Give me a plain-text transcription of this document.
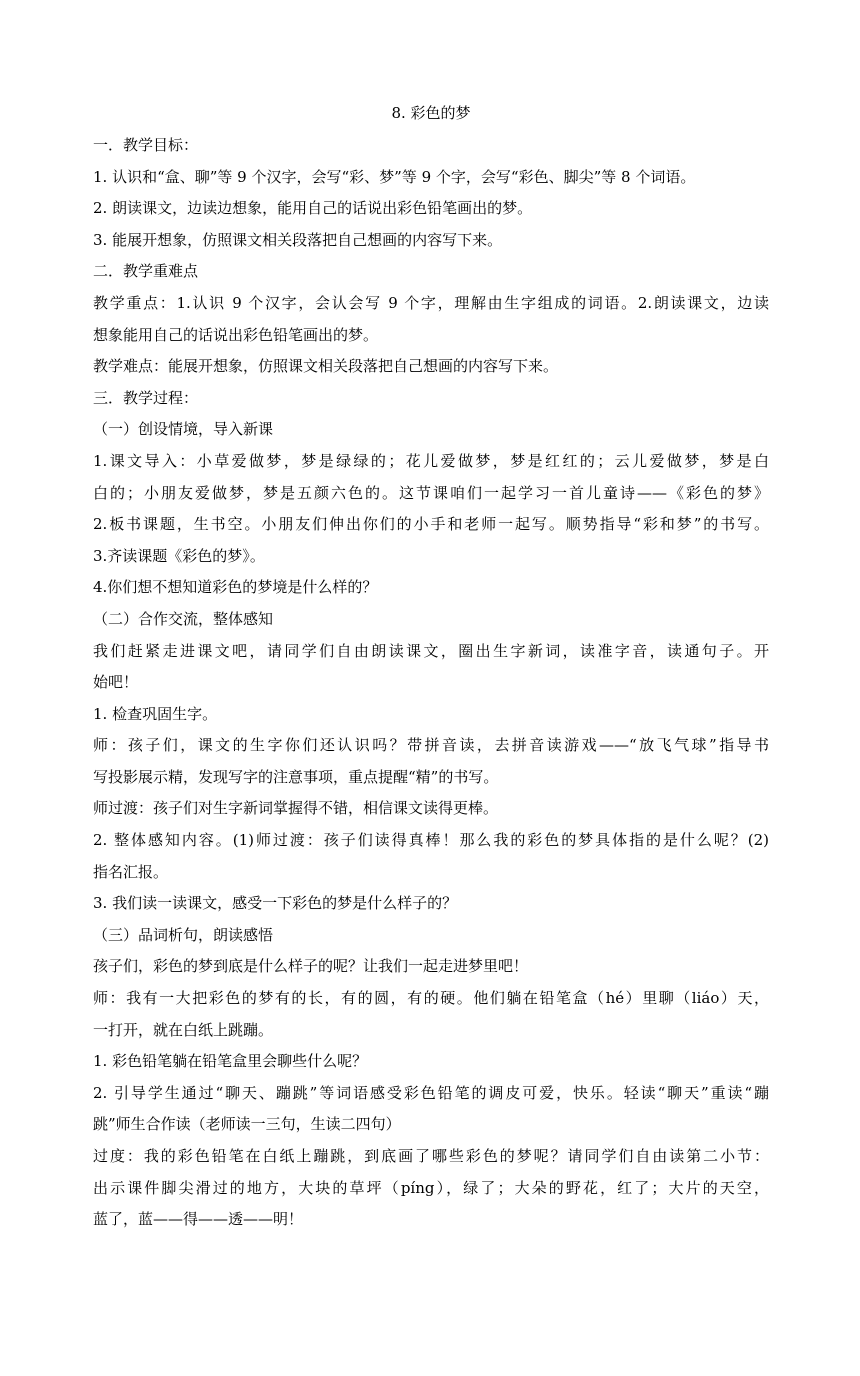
8. 彩色的梦

一．教学目标：

1. 认识和“盒、聊”等 9 个汉字，会写“彩、梦”等 9 个字，会写“彩色、脚尖”等 8 个词语。

2. 朗读课文，边读边想象，能用自己的话说出彩色铅笔画出的梦。

3. 能展开想象，仿照课文相关段落把自己想画的内容写下来。

二．教学重难点

教学重点：1.认识 9 个汉字，会认会写 9 个字，理解由生字组成的词语。2.朗读课文，边读

想象能用自己的话说出彩色铅笔画出的梦。

教学难点：能展开想象，仿照课文相关段落把自己想画的内容写下来。

三．教学过程：

（一）创设情境，导入新课

1.课文导入：小草爱做梦，梦是绿绿的；花儿爱做梦，梦是红红的；云儿爱做梦，梦是白

白的；小朋友爱做梦，梦是五颜六色的。这节课咱们一起学习一首儿童诗——《彩色的梦》

2.板书课题，生书空。小朋友们伸出你们的小手和老师一起写。顺势指导“彩和梦”的书写。

3.齐读课题《彩色的梦》。

4.你们想不想知道彩色的梦境是什么样的？

（二）合作交流，整体感知

我们赶紧走进课文吧，请同学们自由朗读课文，圈出生字新词，读准字音，读通句子。开

始吧！

1. 检查巩固生字。

师：孩子们，课文的生字你们还认识吗？带拼音读，去拼音读游戏——“放飞气球”指导书

写投影展示精，发现写字的注意事项，重点提醒“精”的书写。

师过渡：孩子们对生字新词掌握得不错，相信课文读得更棒。

2. 整体感知内容。(1)师过渡：孩子们读得真棒！那么我的彩色的梦具体指的是什么呢？(2)

指名汇报。

3. 我们读一读课文，感受一下彩色的梦是什么样子的？

（三）品词析句，朗读感悟

孩子们，彩色的梦到底是什么样子的呢？让我们一起走进梦里吧！

师：我有一大把彩色的梦有的长，有的圆，有的硬。他们躺在铅笔盒（hé）里聊（liáo）天，

一打开，就在白纸上跳蹦。

1. 彩色铅笔躺在铅笔盒里会聊些什么呢？

2. 引导学生通过“聊天、蹦跳”等词语感受彩色铅笔的调皮可爱，快乐。轻读“聊天”重读“蹦

跳”师生合作读（老师读一三句，生读二四句）

过度：我的彩色铅笔在白纸上蹦跳，到底画了哪些彩色的梦呢？请同学们自由读第二小节：

出示课件脚尖滑过的地方，大块的草坪（píng），绿了；大朵的野花，红了；大片的天空，

蓝了，蓝——得——透——明！
